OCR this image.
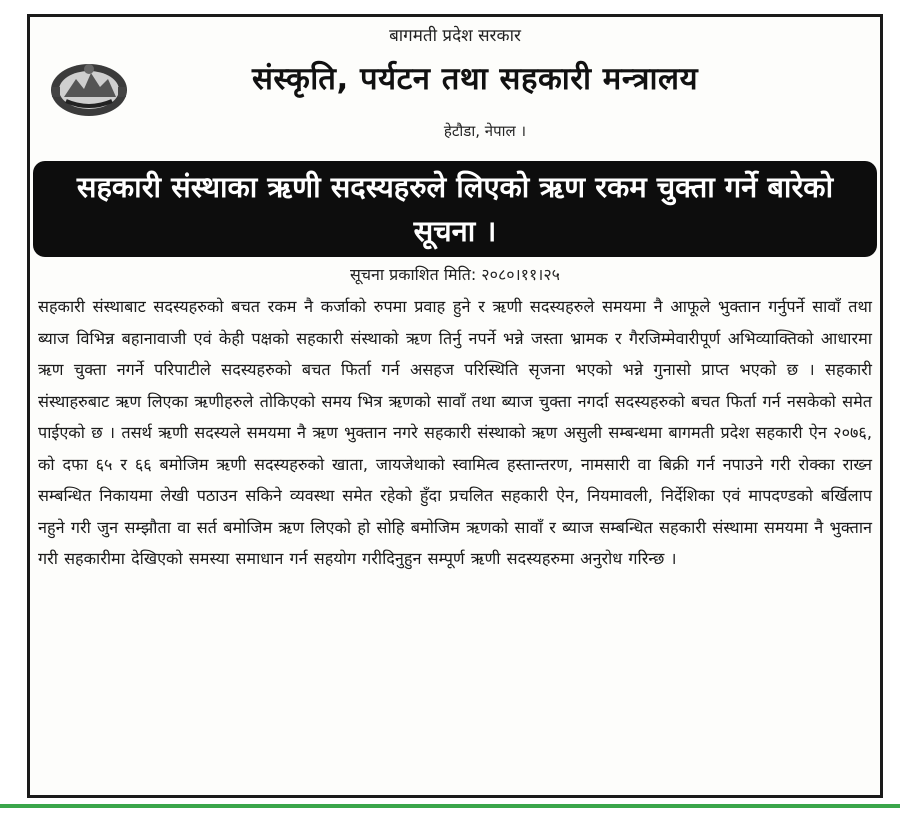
बागमती प्रदेश सरकार
संस्कृति, पर्यटन तथा सहकारी मन्त्रालय
हेटौडा, नेपाल ।
सहकारी संस्थाका ऋणी सदस्यहरुले लिएको ऋण रकम चुक्ता गर्ने बारेको सूचना ।
सूचना प्रकाशित मिति: २०८०।११।२५
सहकारी संस्थाबाट सदस्यहरुको बचत रकम नै कर्जाको रुपमा प्रवाह हुने र ऋणी सदस्यहरुले समयमा नै आफूले भुक्तान गर्नुपर्ने सावाँ तथा ब्याज विभिन्न बहानावाजी एवं केही पक्षको सहकारी संस्थाको ऋण तिर्नु नपर्ने भन्ने जस्ता भ्रामक र गैरजिम्मेवारीपूर्ण अभिव्याक्तिको आधारमा ऋण चुक्ता नगर्ने परिपाटीले सदस्यहरुको बचत फिर्ता गर्न असहज परिस्थिति सृजना भएको भन्ने गुनासो प्राप्त भएको छ । सहकारी संस्थाहरुबाट ऋण लिएका ऋणीहरुले तोकिएको समय भित्र ऋणको सावाँ तथा ब्याज चुक्ता नगर्दा सदस्यहरुको बचत फिर्ता गर्न नसकेको समेत पाईएको छ । तसर्थ ऋणी सदस्यले समयमा नै ऋण भुक्तान नगरे सहकारी संस्थाको ऋण असुली सम्बन्धमा बागमती प्रदेश सहकारी ऐन २०७६, को दफा ६५ र ६६ बमोजिम ऋणी सदस्यहरुको खाता, जायजेथाको स्वामित्व हस्तान्तरण, नामसारी वा बिक्री गर्न नपाउने गरी रोक्का राख्न सम्बन्धित निकायमा लेखी पठाउन सकिने व्यवस्था समेत रहेको हुँदा प्रचलित सहकारी ऐन, नियमावली, निर्देशिका एवं मापदण्डको बर्खिलाप नहुने गरी जुन सम्झौता वा सर्त बमोजिम ऋण लिएको हो सोहि बमोजिम ऋणको सावाँ र ब्याज सम्बन्धित सहकारी संस्थामा समयमा नै भुक्तान गरी सहकारीमा देखिएको समस्या समाधान गर्न सहयोग गरीदिनुहुन सम्पूर्ण ऋणी सदस्यहरुमा अनुरोध गरिन्छ ।
